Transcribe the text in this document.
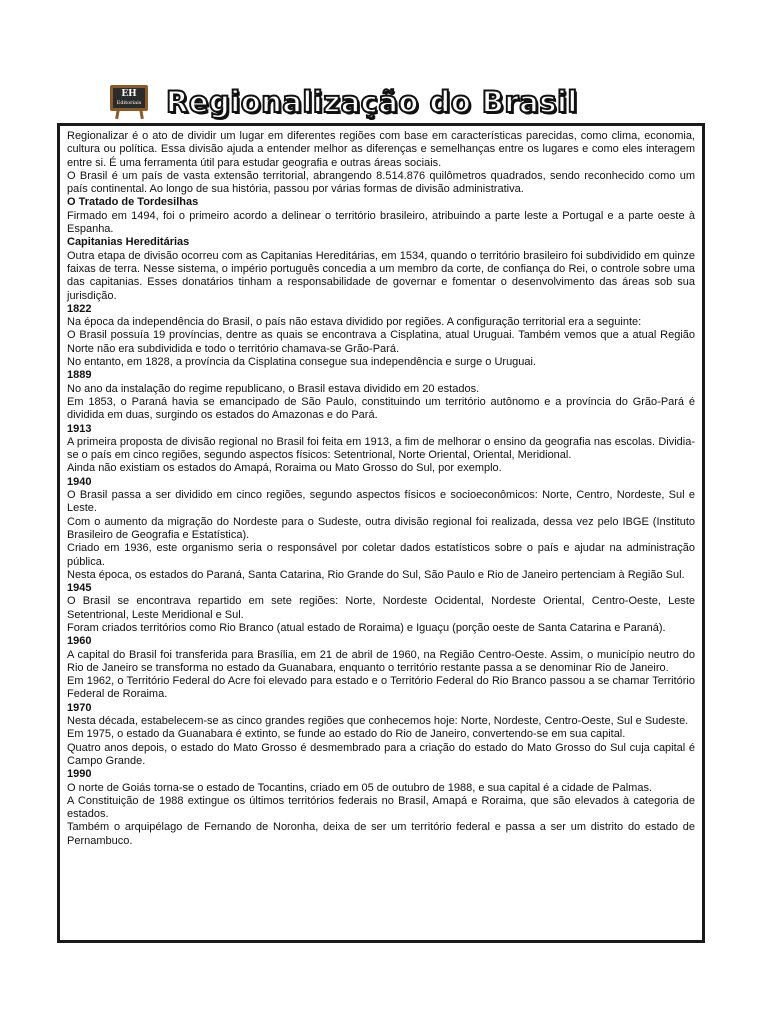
EH
Editoriais Regionalização do Brasil

Regionalizar é o ato de dividir um lugar em diferentes regiões com base em características parecidas, como clima, economia, cultura ou política. Essa divisão ajuda a entender melhor as diferenças e semelhanças entre os lugares e como eles interagem entre si. É uma ferramenta útil para estudar geografia e outras áreas sociais.

O Brasil é um país de vasta extensão territorial, abrangendo 8.514.876 quilômetros quadrados, sendo reconhecido como um país continental. Ao longo de sua história, passou por várias formas de divisão administrativa.

O Tratado de Tordesilhas

Firmado em 1494, foi o primeiro acordo a delinear o território brasileiro, atribuindo a parte leste a Portugal e a parte oeste à Espanha.

Capitanias Hereditárias

Outra etapa de divisão ocorreu com as Capitanias Hereditárias, em 1534, quando o território brasileiro foi subdividido em quinze faixas de terra. Nesse sistema, o império português concedia a um membro da corte, de confiança do Rei, o controle sobre uma das capitanias. Esses donatários tinham a responsabilidade de governar e fomentar o desenvolvimento das áreas sob sua jurisdição.

1822

Na época da independência do Brasil, o país não estava dividido por regiões. A configuração territorial era a seguinte:

O Brasil possuía 19 províncias, dentre as quais se encontrava a Cisplatina, atual Uruguai. Também vemos que a atual Região Norte não era subdividida e todo o território chamava-se Grão-Pará.

No entanto, em 1828, a província da Cisplatina consegue sua independência e surge o Uruguai.

1889

No ano da instalação do regime republicano, o Brasil estava dividido em 20 estados.

Em 1853, o Paraná havia se emancipado de São Paulo, constituindo um território autônomo e a província do Grão-Pará é dividida em duas, surgindo os estados do Amazonas e do Pará.

1913

A primeira proposta de divisão regional no Brasil foi feita em 1913, a fim de melhorar o ensino da geografia nas escolas. Dividia-se o país em cinco regiões, segundo aspectos físicos: Setentrional, Norte Oriental, Oriental, Meridional.

Ainda não existiam os estados do Amapá, Roraima ou Mato Grosso do Sul, por exemplo.

1940

O Brasil passa a ser dividido em cinco regiões, segundo aspectos físicos e socioeconômicos: Norte, Centro, Nordeste, Sul e Leste.

Com o aumento da migração do Nordeste para o Sudeste, outra divisão regional foi realizada, dessa vez pelo IBGE (Instituto Brasileiro de Geografia e Estatística).

Criado em 1936, este organismo seria o responsável por coletar dados estatísticos sobre o país e ajudar na administração pública.

Nesta época, os estados do Paraná, Santa Catarina, Rio Grande do Sul, São Paulo e Rio de Janeiro pertenciam à Região Sul.

1945

O Brasil se encontrava repartido em sete regiões: Norte, Nordeste Ocidental, Nordeste Oriental, Centro-Oeste, Leste Setentrional, Leste Meridional e Sul.

Foram criados territórios como Rio Branco (atual estado de Roraima) e Iguaçu (porção oeste de Santa Catarina e Paraná).

1960

A capital do Brasil foi transferida para Brasília, em 21 de abril de 1960, na Região Centro-Oeste. Assim, o município neutro do Rio de Janeiro se transforma no estado da Guanabara, enquanto o território restante passa a se denominar Rio de Janeiro.

Em 1962, o Território Federal do Acre foi elevado para estado e o Território Federal do Rio Branco passou a se chamar Território Federal de Roraima.

1970

Nesta década, estabelecem-se as cinco grandes regiões que conhecemos hoje: Norte, Nordeste, Centro-Oeste, Sul e Sudeste.

Em 1975, o estado da Guanabara é extinto, se funde ao estado do Rio de Janeiro, convertendo-se em sua capital.

Quatro anos depois, o estado do Mato Grosso é desmembrado para a criação do estado do Mato Grosso do Sul cuja capital é Campo Grande.

1990

O norte de Goiás torna-se o estado de Tocantins, criado em 05 de outubro de 1988, e sua capital é a cidade de Palmas.

A Constituição de 1988 extingue os últimos territórios federais no Brasil, Amapá e Roraima, que são elevados à categoria de estados.

Também o arquipélago de Fernando de Noronha, deixa de ser um território federal e passa a ser um distrito do estado de Pernambuco.
